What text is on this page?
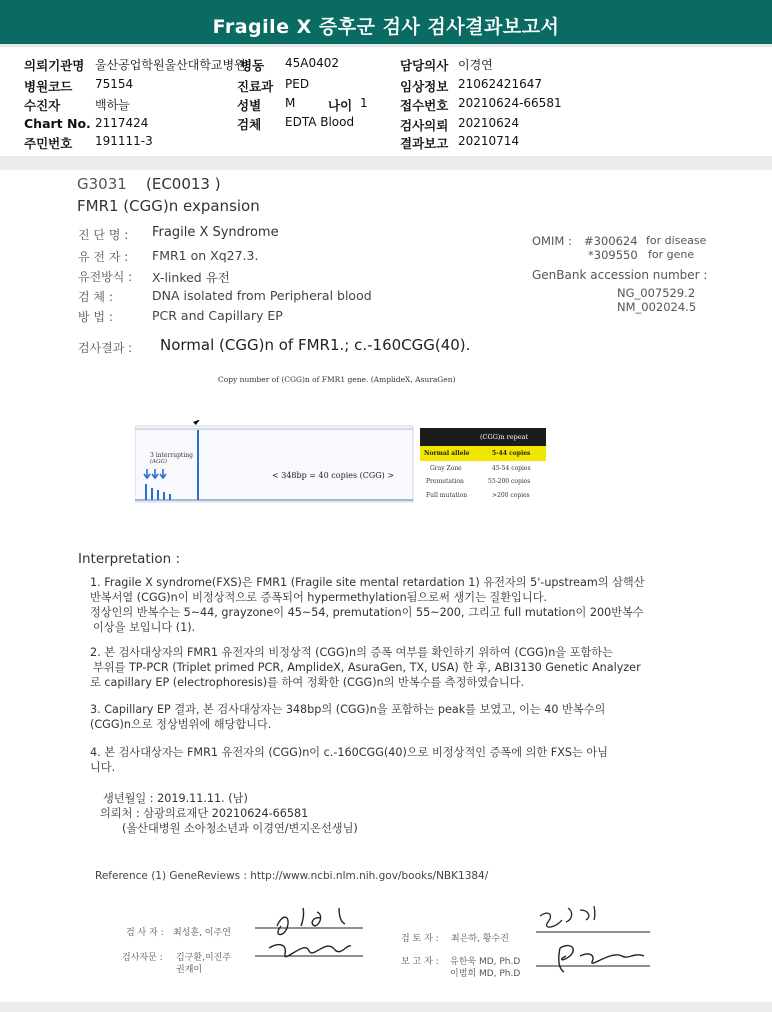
Fragile X 증후군 검사 검사결과보고서
의뢰기관명 울산공업학원울산대학교병원
병동 45A0402	담당의사 이경연
병원코드 75154	진료과 PED	임상정보 21062421647
수진자	백하늘	성별 M	나이 1	접수번호 20210624-66581
Chart No. 2117424	검체 EDTA Blood	검사의뢰 20210624
주민번호 191111-3	결과보고 20210714
G3031 (EC0013 )
FMR1 (CGG)n expansion
진 단 명 : Fragile X Syndrome
유 전 자 : FMR1 on Xq27.3.
유전방식 : X-linked 유전
검 체 :	DNA isolated from Peripheral blood
방 법 :	PCR and Capillary EP
OMIM : #300624 for disease
*309550 for gene
GenBank accession number :
NG_007529.2
NM_002024.5
검사결과 : Normal (CGG)n of FMR1.; c.-160CGG(40).
Copy number of (CGG)n of FMR1 gene. (AmplideX, AsuraGen)
3 interrupting
(AGG)
< 348bp = 40 copies (CGG) >
(CGG)n repeat
Normal allele	5-44 copies
Gray Zone	45-54 copies
Premutation	55-200 copies
Full mutation	>200 copies
Interpretation :
1. Fragile X syndrome(FXS)은 FMR1 (Fragile site mental retardation 1) 유전자의 5'-upstream의 삼핵산
반복서열 (CGG)n이 비정상적으로 증폭되어 hypermethylation됨으로써 생기는 질환입니다.
정상인의 반복수는 5~44, grayzone이 45~54, premutation이 55~200, 그리고 full mutation이 200반복수
이상을 보입니다 (1).
2. 본 검사대상자의 FMR1 유전자의 비정상적 (CGG)n의 증폭 여부를 확인하기 위하여 (CGG)n을 포함하는
부위를 TP-PCR (Triplet primed PCR, AmplideX, AsuraGen, TX, USA) 한 후, ABI3130 Genetic Analyzer
로 capillary EP (electrophoresis)를 하여 정확한 (CGG)n의 반복수를 측정하였습니다.
3. Capillary EP 결과, 본 검사대상자는 348bp의 (CGG)n을 포함하는 peak를 보였고, 이는 40 반복수의
(CGG)n으로 정상범위에 해당합니다.
4. 본 검사대상자는 FMR1 유전자의 (CGG)n이 c.-160CGG(40)으로 비정상적인 증폭에 의한 FXS는 아님
니다.
생년월일 : 2019.11.11. (남)
의뢰처 : 삼광의료재단 20210624-66581
(울산대병원 소아청소년과 이경연/변지온선생님)
Reference (1) GeneReviews : http://www.ncbi.nlm.nih.gov/books/NBK1384/
검 사 자 : 최성훈, 이주연
검사자문 : 김구환,이진주
권재이
검 토 자 : 최은하, 황수진
보 고 자 : 유한욱 MD, Ph.D
이범희 MD, Ph.D
